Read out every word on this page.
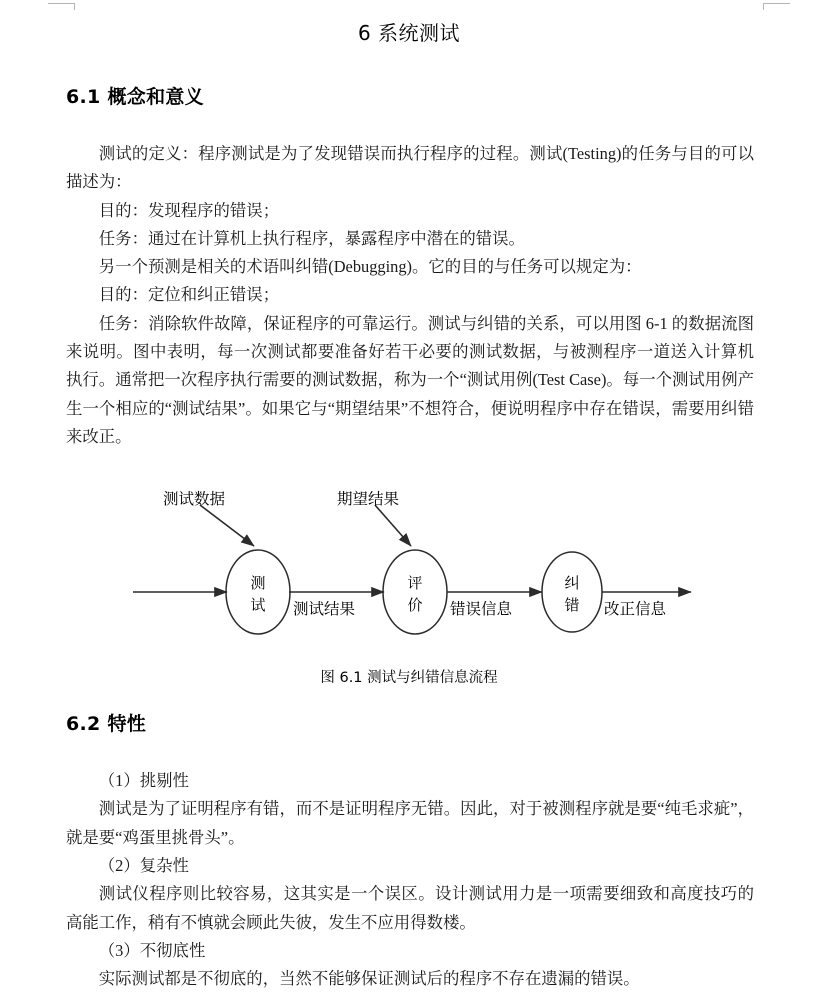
6 系统测试
6.1 概念和意义

测试的定义：程序测试是为了发现错误而执行程序的过程。测试(Testing)的任务与目的可以描述为：

目的：发现程序的错误；

任务：通过在计算机上执行程序，暴露程序中潜在的错误。

另一个预测是相关的术语叫纠错(Debugging)。它的目的与任务可以规定为：

目的：定位和纠正错误；

任务：消除软件故障，保证程序的可靠运行。测试与纠错的关系，可以用图 6-1 的数据流图来说明。图中表明，每一次测试都要准备好若干必要的测试数据，与被测程序一道送入计算机执行。通常把一次程序执行需要的测试数据，称为一个“测试用例(Test Case)。每一个测试用例产生一个相应的“测试结果”。如果它与“期望结果”不想符合，便说明程序中存在错误，需要用纠错来改正。

测
试
评
价
纠
错
测试数据	期望结果
测试结果	错误信息	改正信息
图 6.1 测试与纠错信息流程
6.2 特性

（1）挑剔性

测试是为了证明程序有错，而不是证明程序无错。因此，对于被测程序就是要“纯毛求疵”，就是要“鸡蛋里挑骨头”。

（2）复杂性

测试仪程序则比较容易，这其实是一个误区。设计测试用力是一项需要细致和高度技巧的高能工作，稍有不慎就会顾此失彼，发生不应用得数楼。

（3）不彻底性

实际测试都是不彻底的，当然不能够保证测试后的程序不存在遗漏的错误。
